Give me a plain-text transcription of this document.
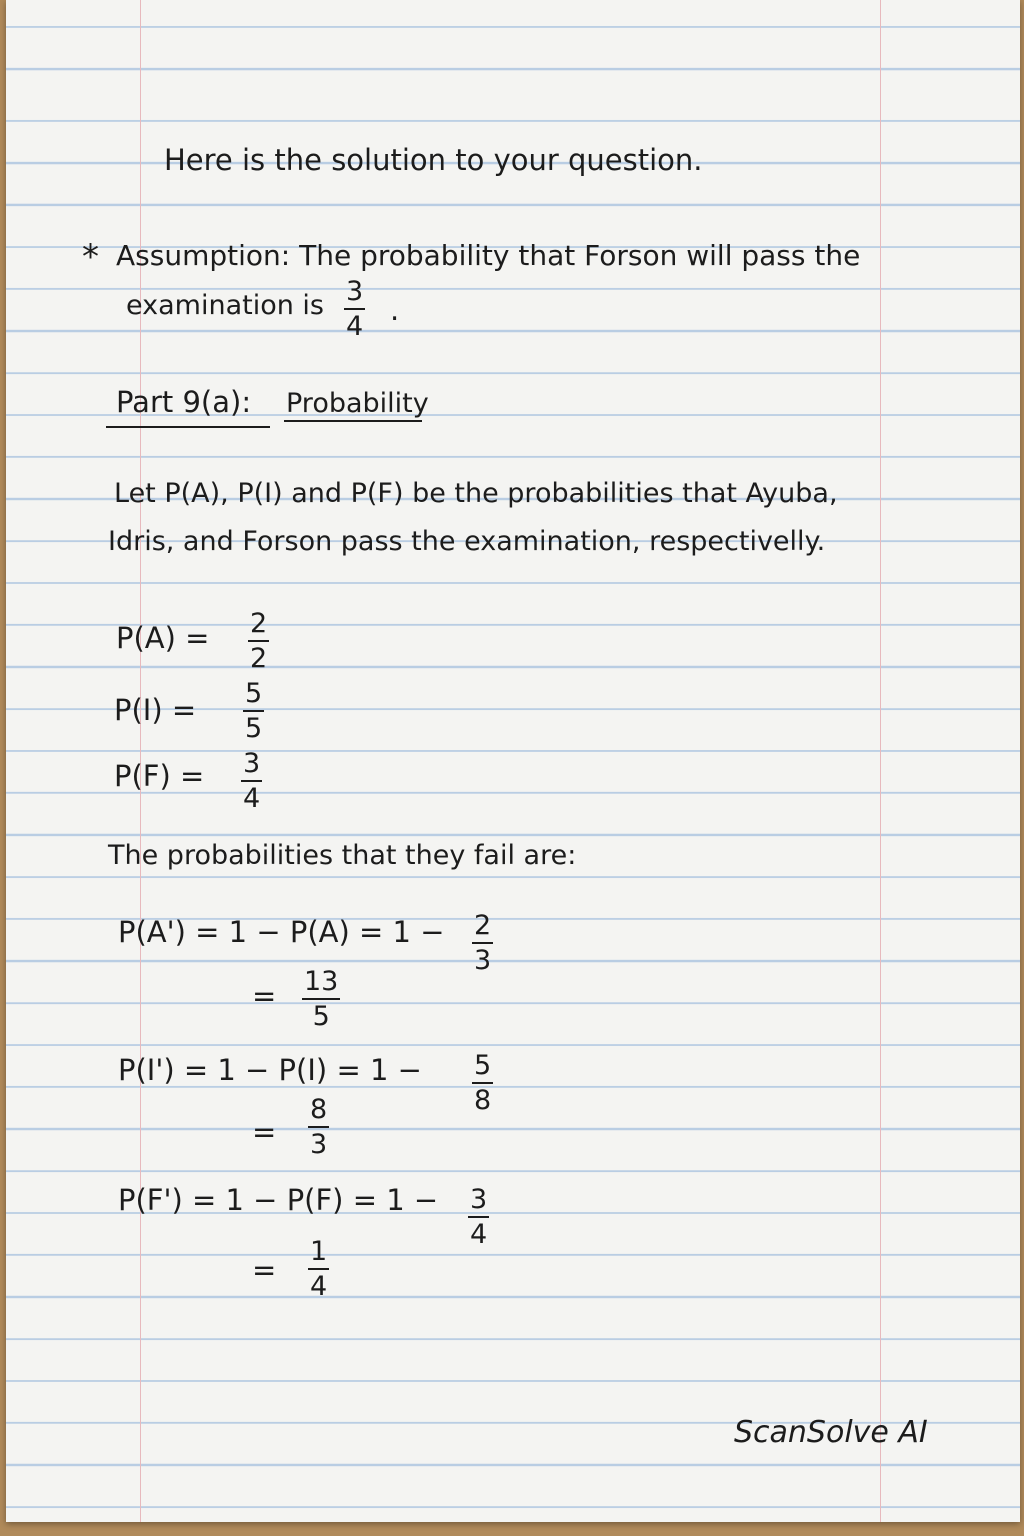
Here is the solution to your question.
* Assumption: The probability that Forson will pass the
examination is 3
4 .
Part 9(a): Probability
Let P(A), P(I) and P(F) be the probabilities that Ayuba,
Idris, and Forson pass the examination, respectivelly.
P(A) = 2
2
P(I) = 5
5
P(F) = 3
4
The probabilities that they fail are:
P(A') = 1 − P(A) = 1 − 2
3
= 13
5
P(I') = 1 − P(I) = 1 − 5
8
=
8
3
P(F') = 1 − P(F) = 1 − 3
4
=
1
4
ScanSolve AI
